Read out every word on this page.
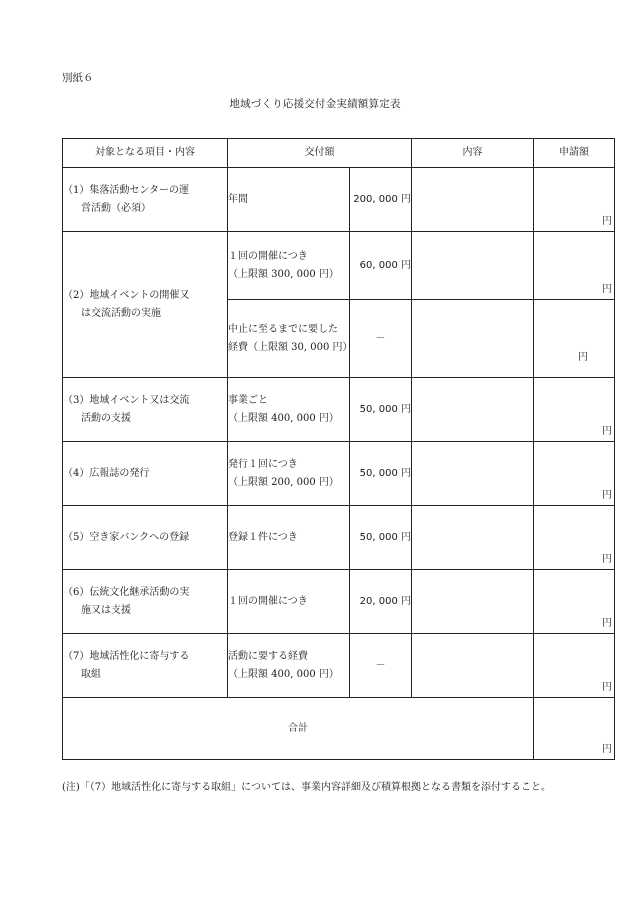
別紙６
地域づくり応援交付金実績額算定表
対象となる項目・内容	交付額		内容	申請額
（1）集落活動センターの運
営活動（必須）	年間	200, 000 円		円

（2）地域イベントの開催又
は交流活動の実施	１回の開催につき
（上限額 300, 000 円）	60, 000 円		円

	中止に至るまでに要した
経費（上限額 30, 000 円）	－		円

（3）地域イベント又は交流
活動の支援	事業ごと
（上限額 400, 000 円）	50, 000 円		円

（4）広報誌の発行	発行１回につき
（上限額 200, 000 円）	50, 000 円		円

（5）空き家バンクへの登録	登録１件につき	50, 000 円		円

（6）伝統文化継承活動の実
施又は支援	１回の開催につき	20, 000 円		円

（7）地域活性化に寄与する
取組	活動に要する経費
（上限額 400, 000 円）	－		円

合計				円
(注)「（7）地域活性化に寄与する取組」については、事業内容詳細及び積算根拠となる書類を添付すること。
